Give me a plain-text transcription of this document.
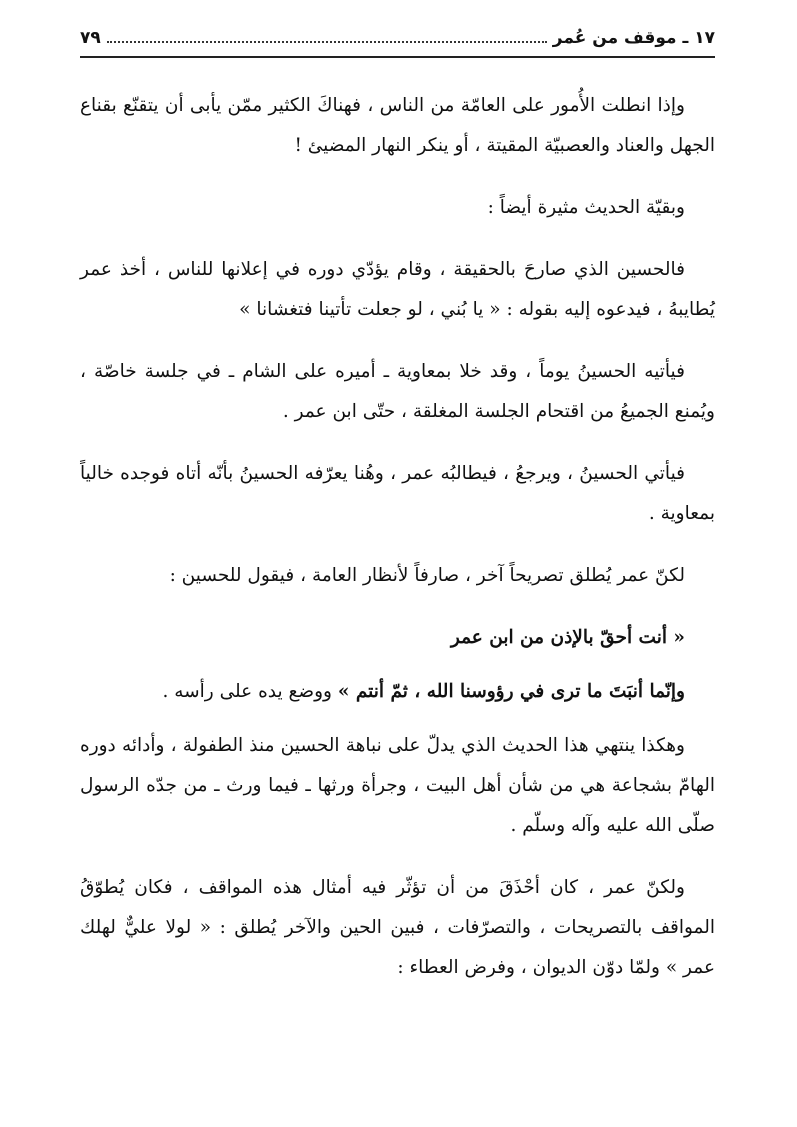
١٧ ـ موقف من عُمر
٧٩

وإذا انطلت الأُمور على العامّة من الناس ، فهناكَ الكثير ممّن يأبى أن يتقنّع بقناع الجهل والعناد والعصبيّة المقيتة ، أو ينكر النهار المضيئ !

وبقيّة الحديث مثيرة أيضاً :

فالحسين الذي صارحَ بالحقيقة ، وقام يؤدّي دوره في إعلانها للناس ، أخذ عمر يُطايبهُ ، فيدعوه إليه بقوله : « يا بُني ، لو جعلت تأتينا فتغشانا »

فيأتيه الحسينُ يوماً ، وقد خلا بمعاوية ـ أميره على الشام ـ في جلسة خاصّة ، ويُمنع الجميعُ من اقتحام الجلسة المغلقة ، حتّى ابن عمر .

فيأتي الحسينُ ، ويرجعُ ، فيطالبُه عمر ، وهُنا يعرّفه الحسينُ بأنّه أتاه فوجده خالياً بمعاوية .

لكنّ عمر يُطلق تصريحاً آخر ، صارفاً لأنظار العامة ، فيقول للحسين :

« أنت أحقّ بالإذن من ابن عمر

وإنّما أنبَتَ ما ترى في رؤوسنا الله ، ثمّ أنتم » ووضع يده على رأسه .

وهكذا ينتهي هذا الحديث الذي يدلّ على نباهة الحسين منذ الطفولة ، وأدائه دوره الهامّ بشجاعة هي من شأن أهل البيت ، وجرأة ورثها ـ فيما ورث ـ من جدّه الرسول صلّى الله عليه وآله وسلّم .

ولكنّ عمر ، كان أحْذَقَ من أن تؤثّر فيه أمثال هذه المواقف ، فكان يُطوّقُ المواقف بالتصريحات ، والتصرّفات ، فبين الحين والآخر يُطلق : « لولا عليٌّ لهلك عمر » ولمّا دوّن الديوان ، وفرض العطاء :
